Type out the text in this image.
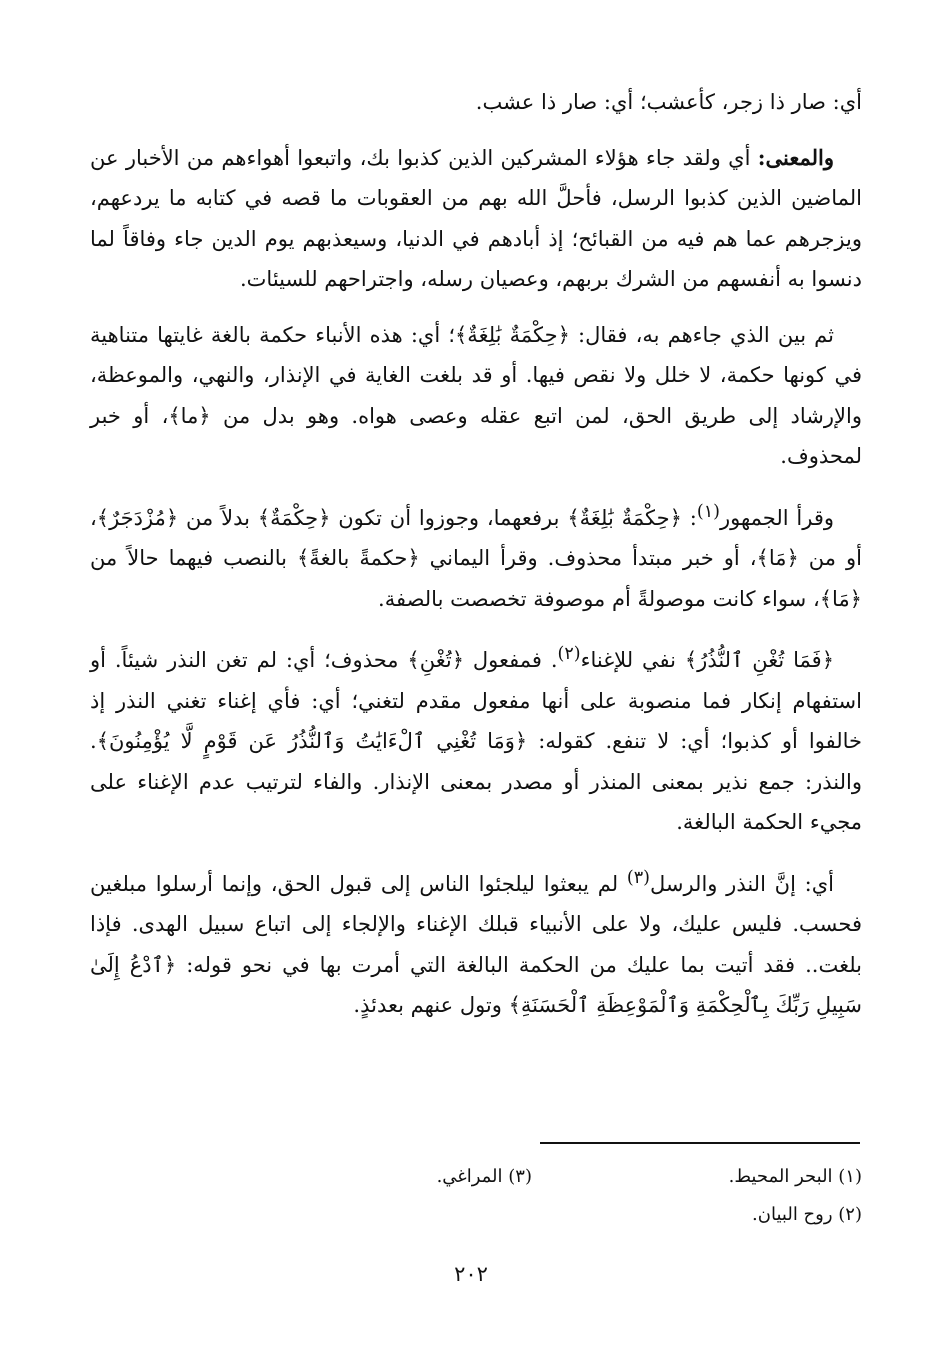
أي: صار ذا زجر، كأعشب؛ أي: صار ذا عشب.

والمعنى: أي ولقد جاء هؤلاء المشركين الذين كذبوا بك، واتبعوا أهواءهم من الأخبار عن الماضين الذين كذبوا الرسل، فأحلَّ الله بهم من العقوبات ما قصه في كتابه ما يردعهم، ويزجرهم عما هم فيه من القبائح؛ إذ أبادهم في الدنيا، وسيعذبهم يوم الدين جاء وفاقاً لما دنسوا به أنفسهم من الشرك بربهم، وعصيان رسله، واجتراحهم للسيئات.

ثم بين الذي جاءهم به، فقال: ﴿حِكْمَةٌ بَٰلِغَةٌ﴾؛ أي: هذه الأنباء حكمة بالغة غايتها متناهية في كونها حكمة، لا خلل ولا نقص فيها. أو قد بلغت الغاية في الإنذار، والنهي، والموعظة، والإرشاد إلى طريق الحق، لمن اتبع عقله وعصى هواه. وهو بدل من ﴿ما﴾، أو خبر لمحذوف.

وقرأ الجمهور$^{(١)}$: ﴿حِكْمَةٌ بَٰلِغَةٌ﴾ برفعهما، وجوزوا أن تكون ﴿حِكْمَةٌ﴾ بدلاً من ﴿مُزْدَجَرٌ﴾، أو من ﴿مَا﴾، أو خبر مبتدأ محذوف. وقرأ اليماني ﴿حكمةً بالغةً﴾ بالنصب فيهما حالاً من ﴿مَا﴾، سواء كانت موصولةً أم موصوفة تخصصت بالصفة.

﴿فَمَا تُغْنِ ٱلنُّذُرُ﴾ نفي للإغناء$^{(٢)}$. فمفعول ﴿تُغْنِ﴾ محذوف؛ أي: لم تغن النذر شيئاً. أو استفهام إنكار فما منصوبة على أنها مفعول مقدم لتغني؛ أي: فأي إغناء تغني النذر إذ خالفوا أو كذبوا؛ أي: لا تنفع. كقوله: ﴿وَمَا تُغْنِي ٱلْءَايَٰتُ وَٱلنُّذُرُ عَن قَوْمٍ لَّا يُؤْمِنُونَ﴾. والنذر: جمع نذير بمعنى المنذر أو مصدر بمعنى الإنذار. والفاء لترتيب عدم الإغناء على مجيء الحكمة البالغة.

أي: إنَّ النذر والرسل$^{(٣)}$ لم يبعثوا ليلجئوا الناس إلى قبول الحق، وإنما أرسلوا مبلغين فحسب. فليس عليك، ولا على الأنبياء قبلك الإغناء والإلجاء إلى اتباع سبيل الهدى. فإذا بلغت.. فقد أتيت بما عليك من الحكمة البالغة التي أمرت بها في نحو قوله: ﴿ٱدْعُ إِلَىٰ سَبِيلِ رَبِّكَ بِٱلْحِكْمَةِ وَٱلْمَوْعِظَةِ ٱلْحَسَنَةِ﴾ وتول عنهم بعدئذٍ.

(١) البحر المحيط.
(٣) المراغي.
(٢) روح البيان.
٢٠٢
